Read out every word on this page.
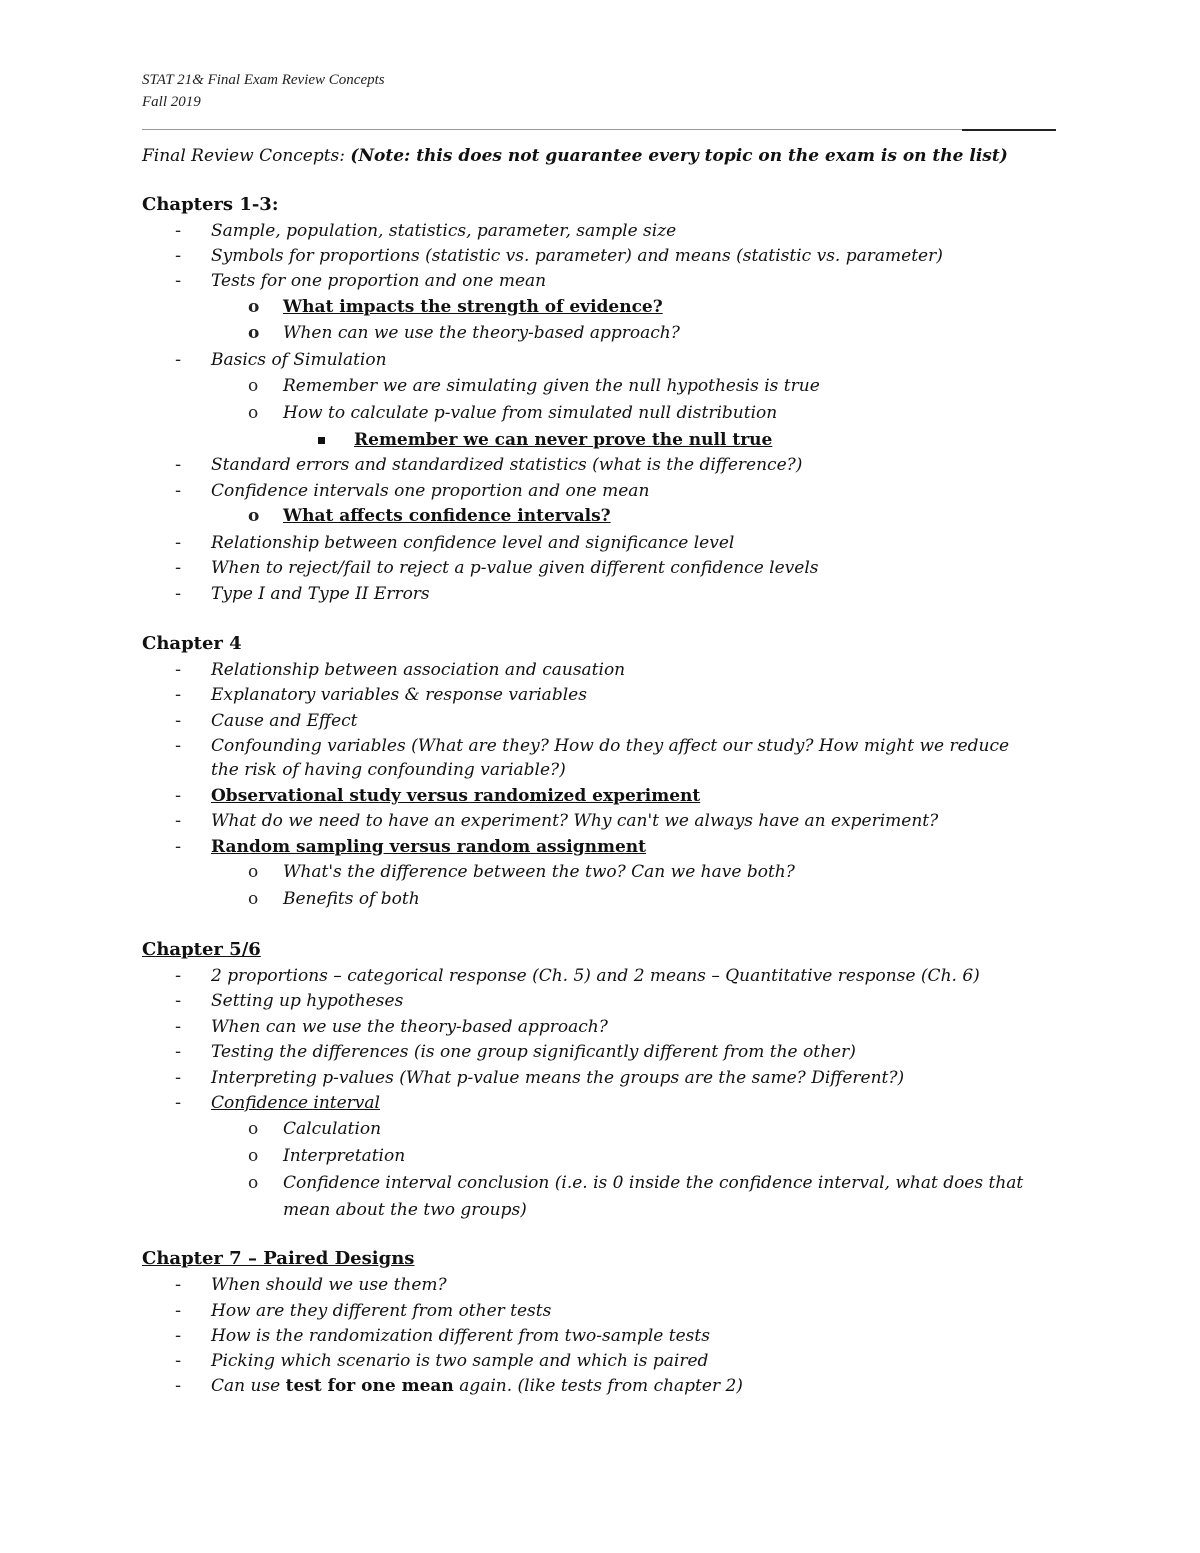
STAT 21& Final Exam Review Concepts
Fall 2019
Final Review Concepts: (Note: this does not guarantee every topic on the exam is on the list)
Chapters 1-3:
- Sample, population, statistics, parameter, sample size
- Symbols for proportions (statistic vs. parameter) and means (statistic vs. parameter)
- Tests for one proportion and one mean
o What impacts the strength of evidence?
o When can we use the theory-based approach?
- Basics of Simulation
o Remember we are simulating given the null hypothesis is true
o How to calculate p-value from simulated null distribution
Remember we can never prove the null true
- Standard errors and standardized statistics (what is the difference?)
- Confidence intervals one proportion and one mean
o What affects confidence intervals?
- Relationship between confidence level and significance level
- When to reject/fail to reject a p-value given different confidence levels
- Type I and Type II Errors
Chapter 4
- Relationship between association and causation
- Explanatory variables & response variables
- Cause and Effect
- Confounding variables (What are they? How do they affect our study? How might we reduce
the risk of having confounding variable?)
- Observational study versus randomized experiment
- What do we need to have an experiment? Why can't we always have an experiment?
- Random sampling versus random assignment
o What's the difference between the two? Can we have both?
o Benefits of both
Chapter 5/6
- 2 proportions – categorical response (Ch. 5) and 2 means – Quantitative response (Ch. 6)
- Setting up hypotheses
- When can we use the theory-based approach?
- Testing the differences (is one group significantly different from the other)
- Interpreting p-values (What p-value means the groups are the same? Different?)
- Confidence interval
o Calculation
o Interpretation
o Confidence interval conclusion (i.e. is 0 inside the confidence interval, what does that
mean about the two groups)
Chapter 7 – Paired Designs
- When should we use them?
- How are they different from other tests
- How is the randomization different from two-sample tests
- Picking which scenario is two sample and which is paired
- Can use test for one mean again. (like tests from chapter 2)
